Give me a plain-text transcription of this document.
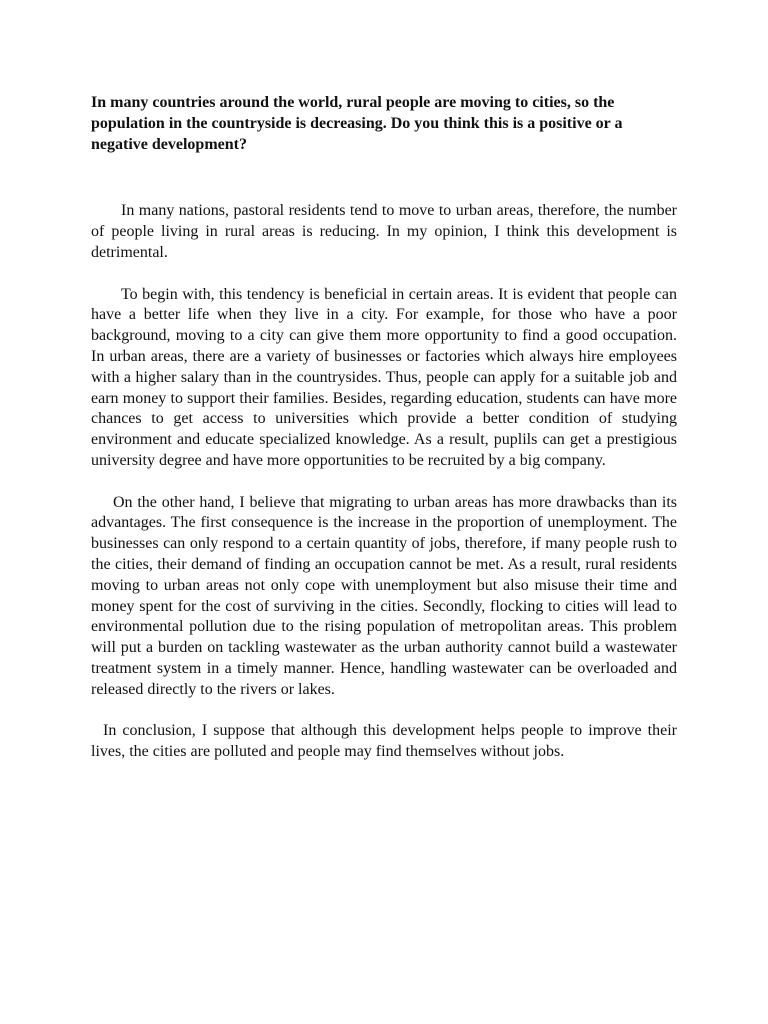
In many countries around the world, rural people are moving to cities, so the population in the countryside is decreasing. Do you think this is a positive or a negative development?

In many nations, pastoral residents tend to move to urban areas, therefore, the number of people living in rural areas is reducing. In my opinion, I think this development is detrimental.

To begin with, this tendency is beneficial in certain areas. It is evident that people can have a better life when they live in a city. For example, for those who have a poor background, moving to a city can give them more opportunity to find a good occupation. In urban areas, there are a variety of businesses or factories which always hire employees with a higher salary than in the countrysides. Thus, people can apply for a suitable job and earn money to support their families. Besides, regarding education, students can have more chances to get access to universities which provide a better condition of studying environment and educate specialized knowledge. As a result, puplils can get a prestigious university degree and have more opportunities to be recruited by a big company.

On the other hand, I believe that migrating to urban areas has more drawbacks than its advantages. The first consequence is the increase in the proportion of unemployment. The businesses can only respond to a certain quantity of jobs, therefore, if many people rush to the cities, their demand of finding an occupation cannot be met. As a result, rural residents moving to urban areas not only cope with unemployment but also misuse their time and money spent for the cost of surviving in the cities. Secondly, flocking to cities will lead to environmental pollution due to the rising population of metropolitan areas. This problem will put a burden on tackling wastewater as the urban authority cannot build a wastewater treatment system in a timely manner. Hence, handling wastewater can be overloaded and released directly to the rivers or lakes.

In conclusion, I suppose that although this development helps people to improve their lives, the cities are polluted and people may find themselves without jobs.
